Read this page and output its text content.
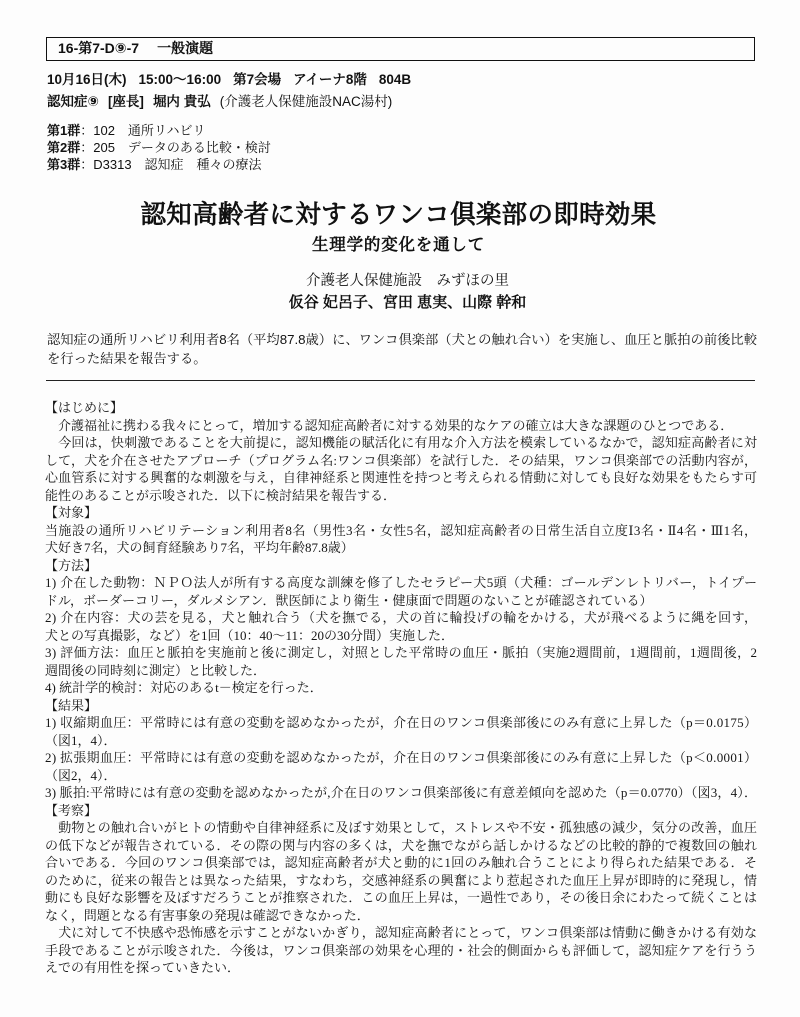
16-第7-D⑨-7 一般演題
10月16日(木) 15:00～16:00 第7会場 アイーナ8階 804B
認知症⑨ [座長] 堀内 貴弘 (介護老人保健施設NAC湯村)
第1群：102　通所リハビリ
第2群：205　データのある比較・検討
第3群：D3313　認知症　種々の療法
認知高齢者に対するワンコ倶楽部の即時効果
生理学的変化を通して
介護老人保健施設　みずほの里
仮谷 妃呂子、宮田 恵実、山際 幹和
認知症の通所リハビリ利用者8名（平均87.8歳）に、ワンコ倶楽部（犬との触れ合い）を実施し、血圧と脈拍の前後比較
を行った結果を報告する。
【はじめに】
　介護福祉に携わる我々にとって，増加する認知症高齢者に対する効果的なケアの確立は大きな課題のひとつである．
　今回は，快刺激であることを大前提に，認知機能の賦活化に有用な介入方法を模索しているなかで，認知症高齢者に対
して，犬を介在させたアプローチ（プログラム名:ワンコ倶楽部）を試行した．その結果，ワンコ倶楽部での活動内容が，
心血管系に対する興奮的な刺激を与え，自律神経系と関連性を持つと考えられる情動に対しても良好な効果をもたらす可
能性のあることが示唆された．以下に検討結果を報告する．
【対象】
当施設の通所リハビリテーション利用者8名（男性3名・女性5名，認知症高齢者の日常生活自立度Ⅰ3名・Ⅱ4名・Ⅲ1名，
犬好き7名，犬の飼育経験あり7名，平均年齢87.8歳）
【方法】
1) 介在した動物：ＮＰＯ法人が所有する高度な訓練を修了したセラピー犬5頭（犬種：ゴールデンレトリバー，トイプー
ドル，ボーダーコリー，ダルメシアン．獣医師により衛生・健康面で問題のないことが確認されている）
2) 介在内容：犬の芸を見る，犬と触れ合う（犬を撫でる，犬の首に輪投げの輪をかける，犬が飛べるように縄を回す，
犬との写真撮影，など）を1回（10：40～11：20の30分間）実施した．
3) 評価方法：血圧と脈拍を実施前と後に測定し，対照とした平常時の血圧・脈拍（実施2週間前，1週間前，1週間後，2
週間後の同時刻に測定）と比較した．
4) 統計学的検討：対応のあるt－検定を行った．
【結果】
1) 収縮期血圧：平常時には有意の変動を認めなかったが，介在日のワンコ倶楽部後にのみ有意に上昇した（p＝0.0175）
（図1，4）．
2) 拡張期血圧：平常時には有意の変動を認めなかったが，介在日のワンコ倶楽部後にのみ有意に上昇した（p＜0.0001）
（図2，4）．
3) 脈拍:平常時には有意の変動を認めなかったが,介在日のワンコ倶楽部後に有意差傾向を認めた（p＝0.0770）（図3，4）．
【考察】
　動物との触れ合いがヒトの情動や自律神経系に及ぼす効果として，ストレスや不安・孤独感の減少，気分の改善，血圧
の低下などが報告されている．その際の関与内容の多くは，犬を撫でながら話しかけるなどの比較的静的で複数回の触れ
合いである．今回のワンコ倶楽部では，認知症高齢者が犬と動的に1回のみ触れ合うことにより得られた結果である．そ
のために，従来の報告とは異なった結果，すなわち，交感神経系の興奮により惹起された血圧上昇が即時的に発現し，情
動にも良好な影響を及ぼすだろうことが推察された．この血圧上昇は，一過性であり，その後日余にわたって続くことは
なく，問題となる有害事象の発現は確認できなかった．
　犬に対して不快感や恐怖感を示すことがないかぎり，認知症高齢者にとって，ワンコ倶楽部は情動に働きかける有効な
手段であることが示唆された．今後は，ワンコ倶楽部の効果を心理的・社会的側面からも評価して，認知症ケアを行うう
えでの有用性を探っていきたい．
